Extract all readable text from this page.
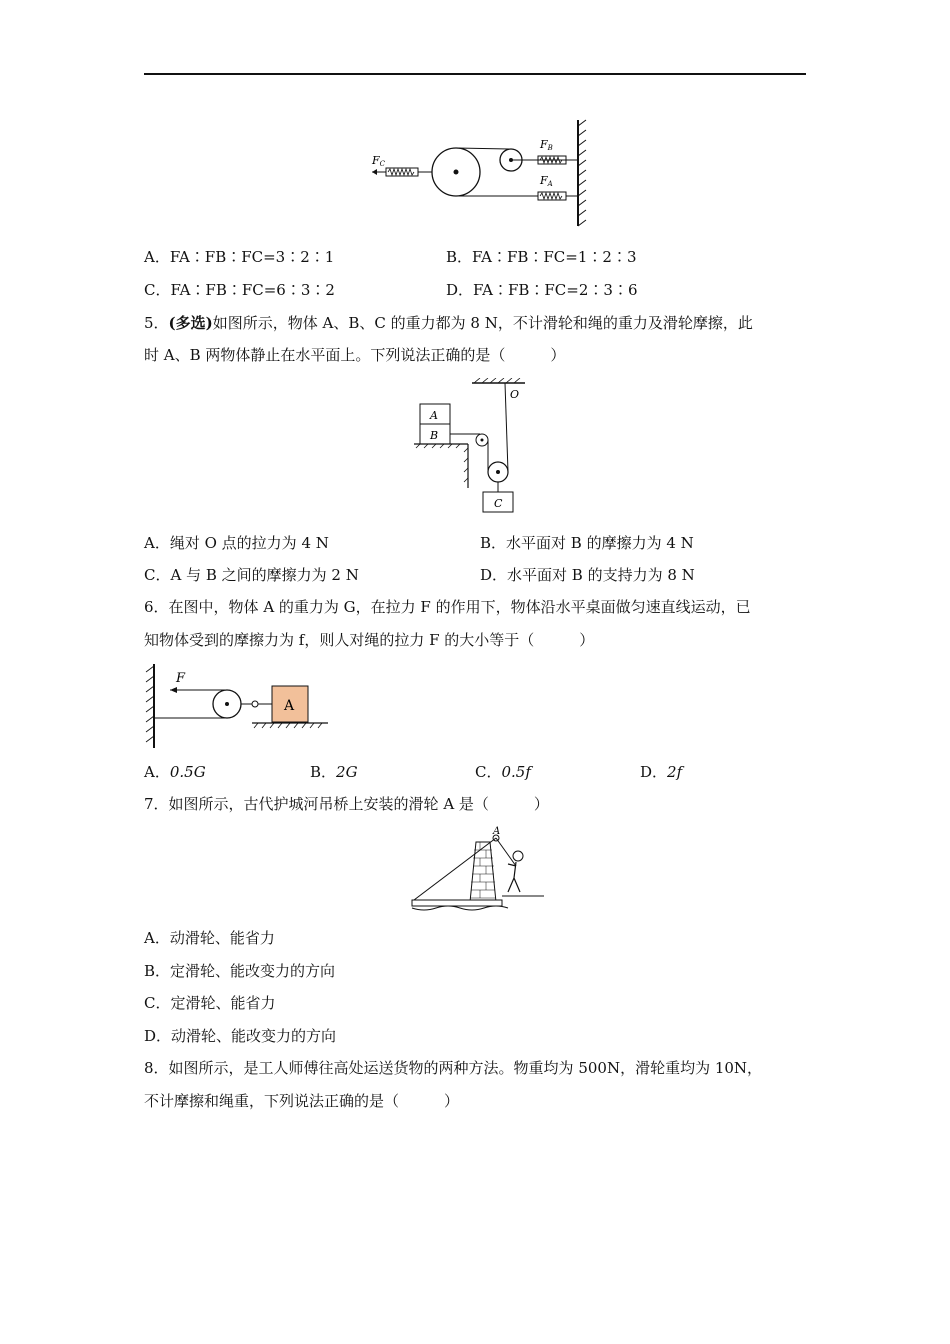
FC
FB
FA
A．FA∶FB∶FC=3∶2∶1	B．FA∶FB∶FC=1∶2∶3
C．FA∶FB∶FC=6∶3∶2	D．FA∶FB∶FC=2∶3∶6
5．(多选)如图所示，物体 A、B、C 的重力都为 8 N，不计滑轮和绳的重力及滑轮摩擦，此
时 A、B 两物体静止在水平面上。下列说法正确的是（　　　）
A
B
C
O
A．绳对 O 点的拉力为 4 N	B．水平面对 B 的摩擦力为 4 N
C．A 与 B 之间的摩擦力为 2 N	D．水平面对 B 的支持力为 8 N
6．在图中，物体 A 的重力为 G，在拉力 F 的作用下，物体沿水平桌面做匀速直线运动，已
知物体受到的摩擦力为 f，则人对绳的拉力 F 的大小等于（　　　）
A
F
A．0.5G	B．2G	C．0.5f	D．2f
7．如图所示，古代护城河吊桥上安装的滑轮 A 是（　　　）
A
A．动滑轮、能省力
B．定滑轮、能改变力的方向
C．定滑轮、能省力
D．动滑轮、能改变力的方向
8．如图所示，是工人师傅往高处运送货物的两种方法。物重均为 500N，滑轮重均为 10N，
不计摩擦和绳重，下列说法正确的是（　　　）
